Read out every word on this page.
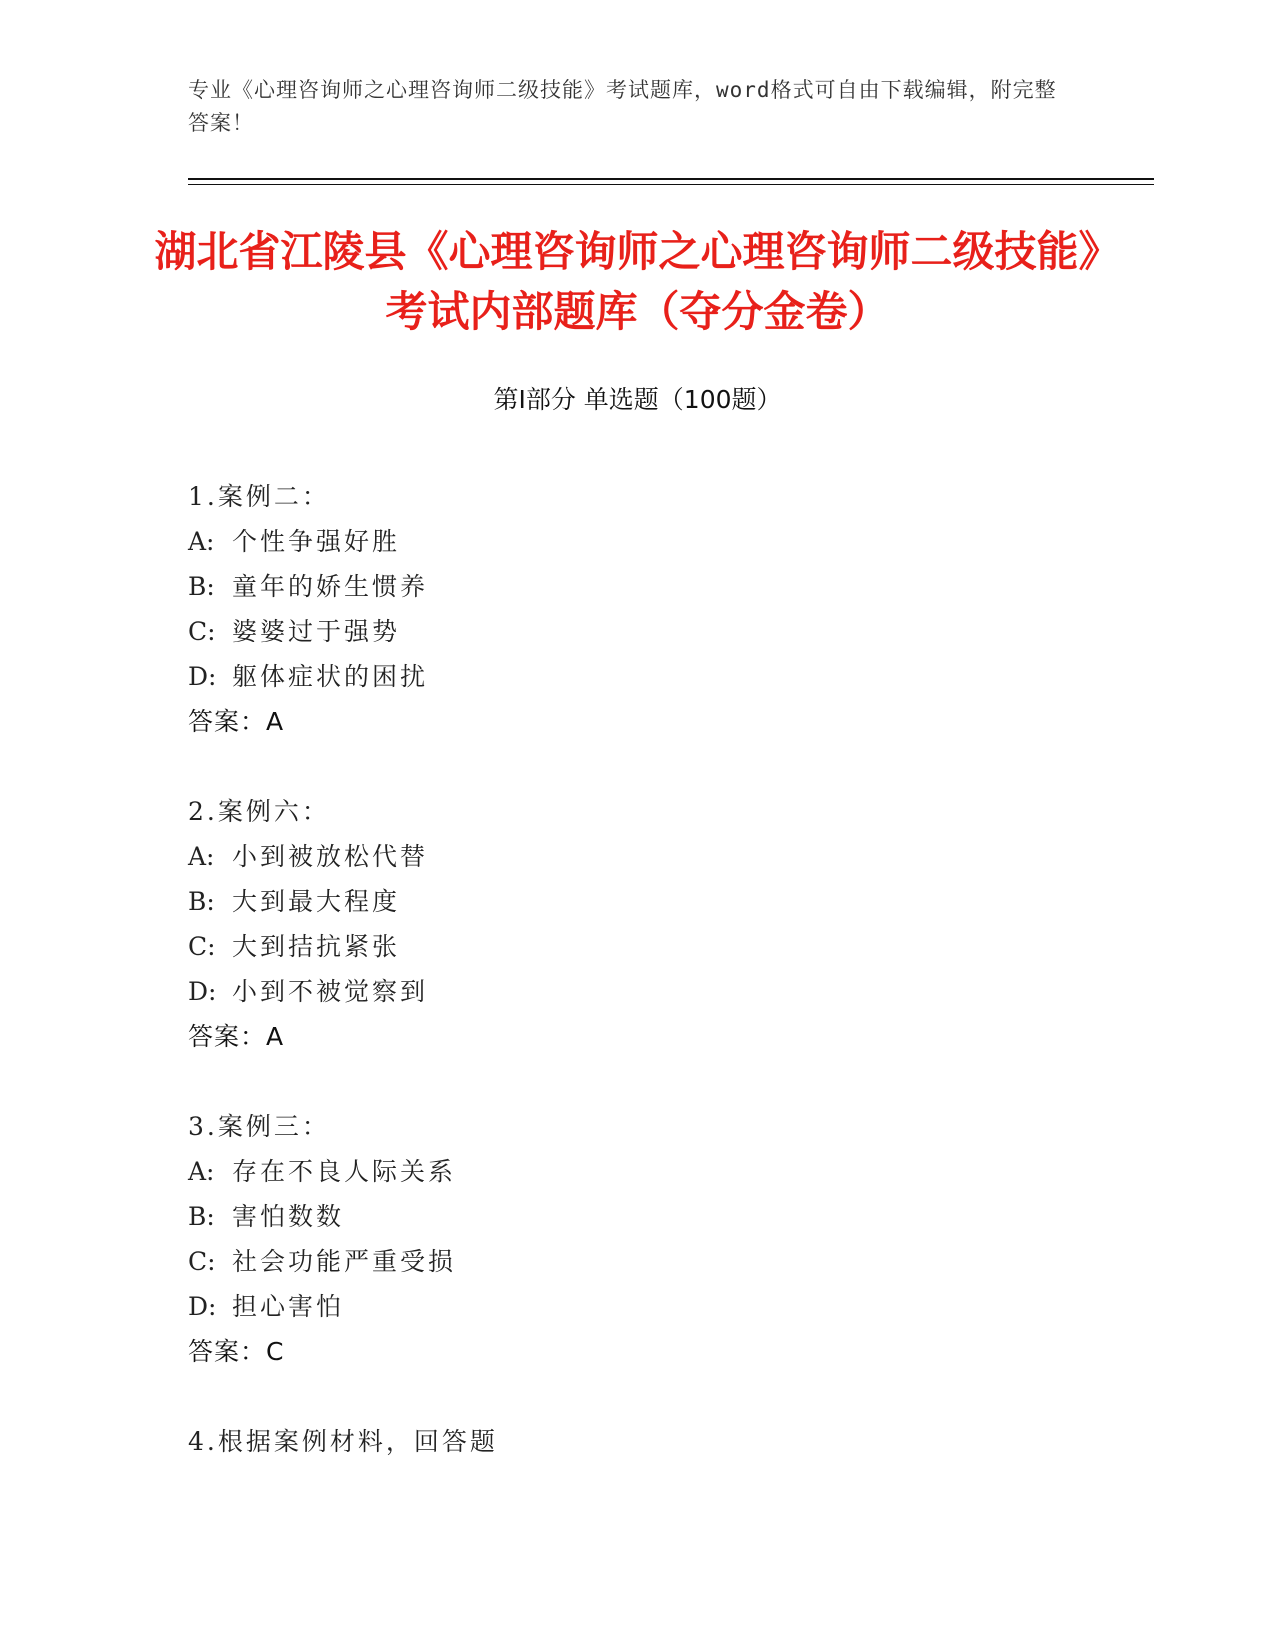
专业《心理咨询师之心理咨询师二级技能》考试题库，word格式可自由下载编辑，附完整答案！
湖北省江陵县《心理咨询师之心理咨询师二级技能》考试内部题库（夺分金卷）
第Ⅰ部分 单选题（100题）
1.案例二：
A: 个性争强好胜
B: 童年的娇生惯养
C: 婆婆过于强势
D: 躯体症状的困扰
答案：A
2.案例六：
A: 小到被放松代替
B: 大到最大程度
C: 大到拮抗紧张
D: 小到不被觉察到
答案：A
3.案例三：
A: 存在不良人际关系
B: 害怕数数
C: 社会功能严重受损
D: 担心害怕
答案：C
4.根据案例材料，回答题
